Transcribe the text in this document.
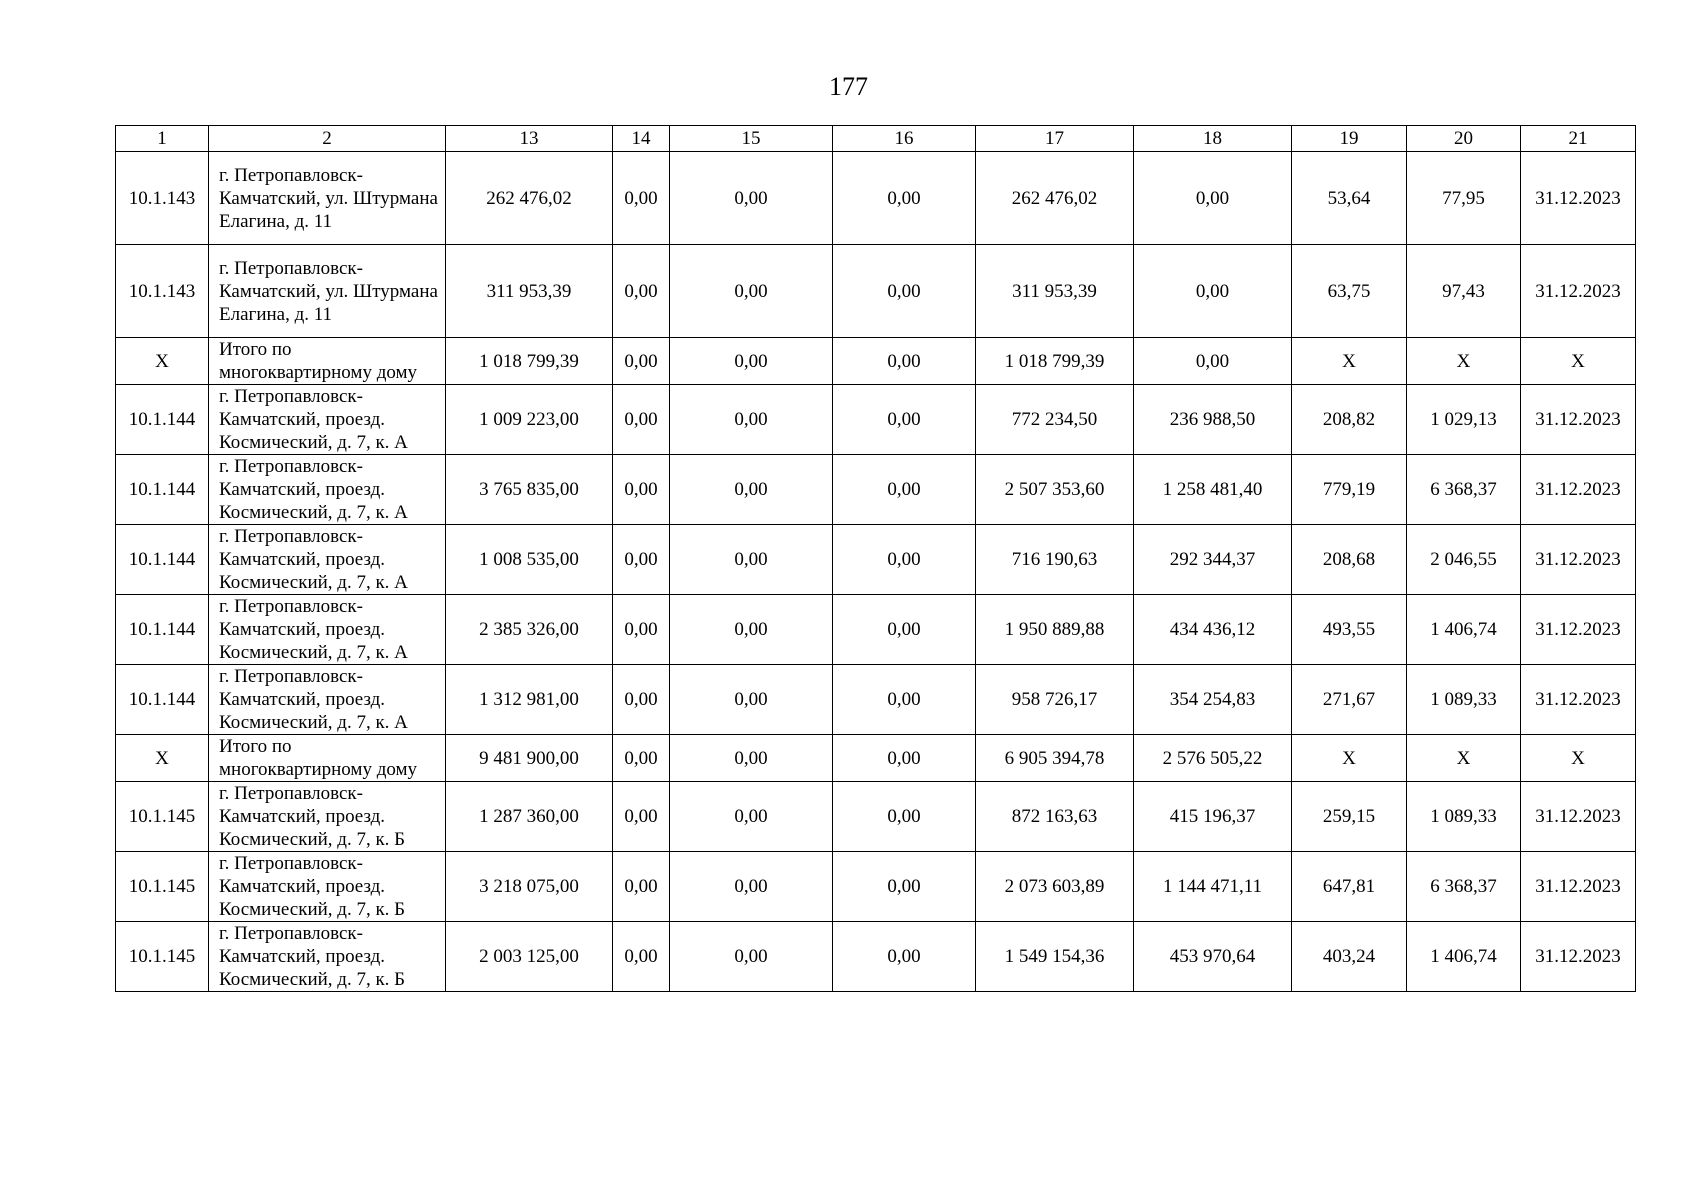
177
1	2	13	14	15	16	17	18	19	20	21
10.1.143	г. Петропавловск-Камчатский, ул. Штурмана Елагина, д. 11	262 476,02	0,00	0,00	0,00	262 476,02	0,00	53,64	77,95	31.12.2023
10.1.143	г. Петропавловск-Камчатский, ул. Штурмана Елагина, д. 11	311 953,39	0,00	0,00	0,00	311 953,39	0,00	63,75	97,43	31.12.2023
Х	Итого по многоквартирному дому	1 018 799,39	0,00	0,00	0,00	1 018 799,39	0,00	Х	Х	Х
10.1.144	г. Петропавловск-Камчатский, проезд. Космический, д. 7, к. А	1 009 223,00	0,00	0,00	0,00	772 234,50	236 988,50	208,82	1 029,13	31.12.2023
10.1.144	г. Петропавловск-Камчатский, проезд. Космический, д. 7, к. А	3 765 835,00	0,00	0,00	0,00	2 507 353,60	1 258 481,40	779,19	6 368,37	31.12.2023
10.1.144	г. Петропавловск-Камчатский, проезд. Космический, д. 7, к. А	1 008 535,00	0,00	0,00	0,00	716 190,63	292 344,37	208,68	2 046,55	31.12.2023
10.1.144	г. Петропавловск-Камчатский, проезд. Космический, д. 7, к. А	2 385 326,00	0,00	0,00	0,00	1 950 889,88	434 436,12	493,55	1 406,74	31.12.2023
10.1.144	г. Петропавловск-Камчатский, проезд. Космический, д. 7, к. А	1 312 981,00	0,00	0,00	0,00	958 726,17	354 254,83	271,67	1 089,33	31.12.2023
Х	Итого по многоквартирному дому	9 481 900,00	0,00	0,00	0,00	6 905 394,78	2 576 505,22	Х	Х	Х
10.1.145	г. Петропавловск-Камчатский, проезд. Космический, д. 7, к. Б	1 287 360,00	0,00	0,00	0,00	872 163,63	415 196,37	259,15	1 089,33	31.12.2023
10.1.145	г. Петропавловск-Камчатский, проезд. Космический, д. 7, к. Б	3 218 075,00	0,00	0,00	0,00	2 073 603,89	1 144 471,11	647,81	6 368,37	31.12.2023
10.1.145	г. Петропавловск-Камчатский, проезд. Космический, д. 7, к. Б	2 003 125,00	0,00	0,00	0,00	1 549 154,36	453 970,64	403,24	1 406,74	31.12.2023
